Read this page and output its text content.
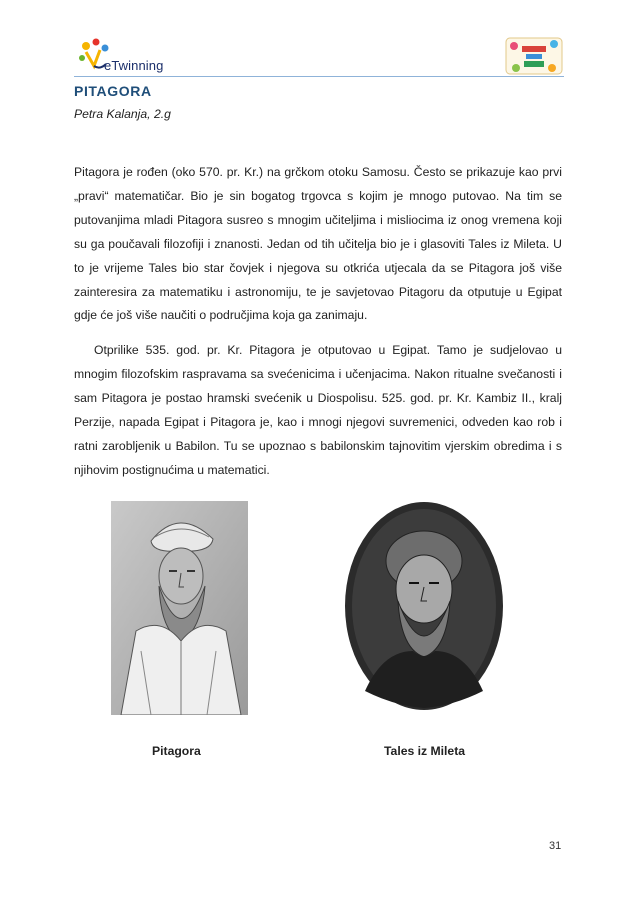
eTwinning
PITAGORA
Petra Kalanja, 2.g

Pitagora je rođen (oko 570. pr. Kr.) na grčkom otoku Samosu. Često se prikazuje kao prvi „pravi“ matematičar. Bio je sin bogatog trgovca s kojim je mnogo putovao. Na tim se putovanjima mladi Pitagora susreo s mnogim učiteljima i misliocima iz onog vremena koji su ga poučavali filozofiji i znanosti. Jedan od tih učitelja bio je i glasoviti Tales iz Mileta. U to je vrijeme Tales bio star čovjek i njegova su otkrića utjecala da se Pitagora još više zainteresira za matematiku i astronomiju, te je savjetovao Pitagoru da otputuje u Egipat gdje će još više naučiti o područjima koja ga zanimaju.

Otprilike 535. god. pr. Kr. Pitagora je otputovao u Egipat. Tamo je sudjelovao u mnogim filozofskim raspravama sa svećenicima i učenjacima. Nakon ritualne svečanosti i sam Pitagora je postao hramski svećenik u Diospolisu. 525. god. pr. Kr. Kambiz II., kralj Perzije, napada Egipat i Pitagora je, kao i mnogi njegovi suvremenici, odveden kao rob i ratni zarobljenik u Babilon. Tu se upoznao s babilonskim tajnovitim vjerskim obredima i s njihovim postignućima u matematici.

Pitagora	Tales iz Mileta
31
